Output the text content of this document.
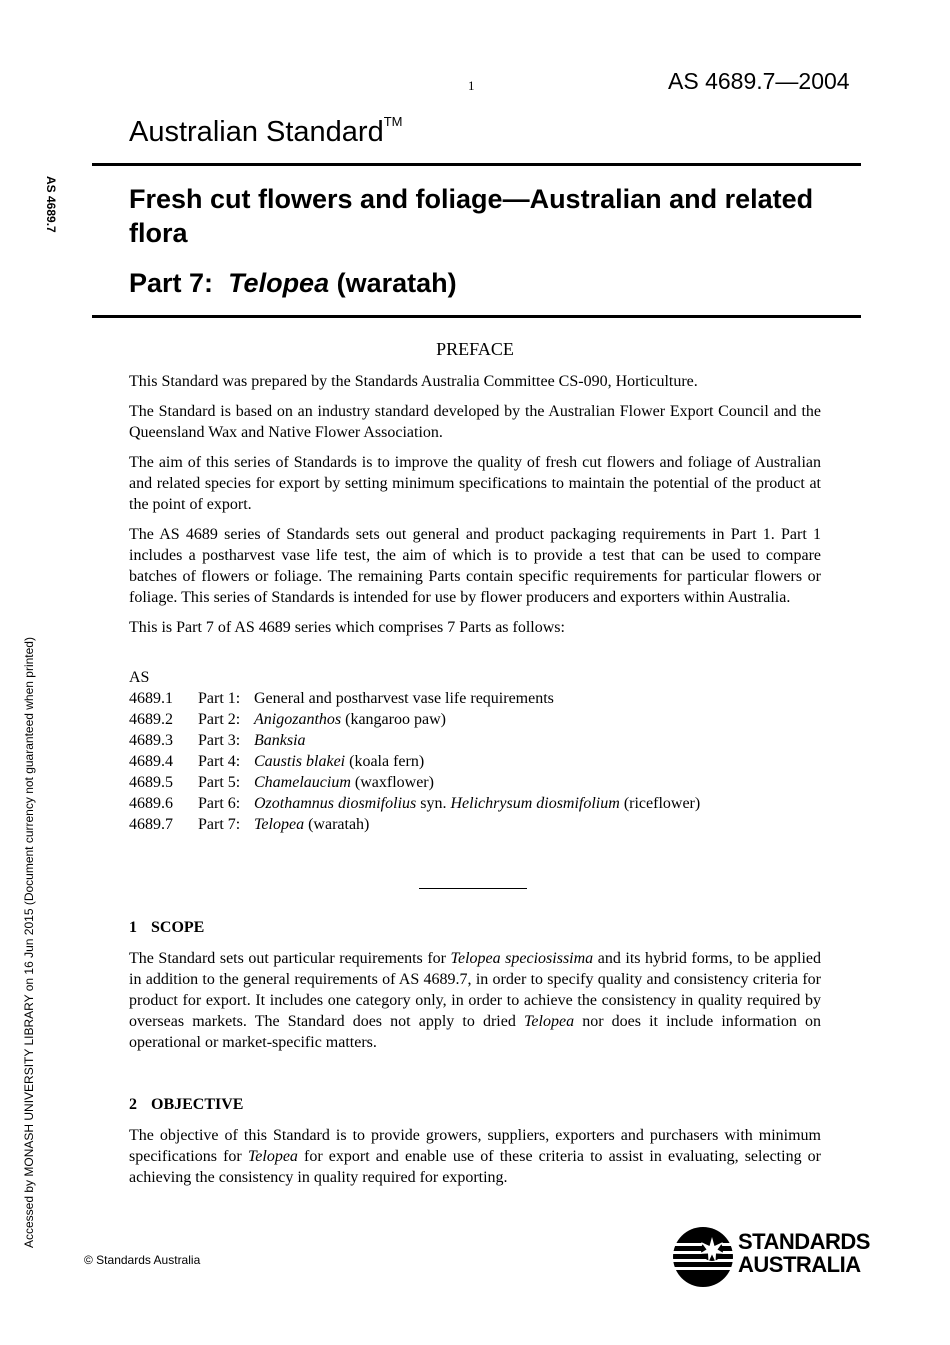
1	AS 4689.7—2004
Australian Standard™
Fresh cut flowers and foliage—Australian and related flora
Part 7: Telopea (waratah)
AS 4689.7
Accessed by MONASH UNIVERSITY LIBRARY on 16 Jun 2015 (Document currency not guaranteed when printed)
PREFACE

This Standard was prepared by the Standards Australia Committee CS-090, Horticulture.

The Standard is based on an industry standard developed by the Australian Flower Export Council and the Queensland Wax and Native Flower Association.

The aim of this series of Standards is to improve the quality of fresh cut flowers and foliage of Australian and related species for export by setting minimum specifications to maintain the potential of the product at the point of export.

The AS 4689 series of Standards sets out general and product packaging requirements in Part 1. Part 1 includes a postharvest vase life test, the aim of which is to provide a test that can be used to compare batches of flowers or foliage. The remaining Parts contain specific requirements for particular flowers or foliage. This series of Standards is intended for use by flower producers and exporters within Australia.

This is Part 7 of AS 4689 series which comprises 7 Parts as follows:

AS
4689.1	Part 1: General and postharvest vase life requirements
4689.2	Part 2: Anigozanthos (kangaroo paw)
4689.3	Part 3: Banksia
4689.4	Part 4: Caustis blakei (koala fern)
4689.5	Part 5: Chamelaucium (waxflower)
4689.6	Part 6: Ozothamnus diosmifolius syn. Helichrysum diosmifolium (riceflower)
4689.7	Part 7: Telopea (waratah)
1 SCOPE

The Standard sets out particular requirements for Telopea speciosissima and its hybrid forms, to be applied in addition to the general requirements of AS 4689.7, in order to specify quality and consistency criteria for product for export. It includes one category only, in order to achieve the consistency in quality required by overseas markets. The Standard does not apply to dried Telopea nor does it include information on operational or market-specific matters.

2 OBJECTIVE

The objective of this Standard is to provide growers, suppliers, exporters and purchasers with minimum specifications for Telopea for export and enable use of these criteria to assist in evaluating, selecting or achieving the consistency in quality required for exporting.

© Standards Australia
STANDARDS
AUSTRALIA
